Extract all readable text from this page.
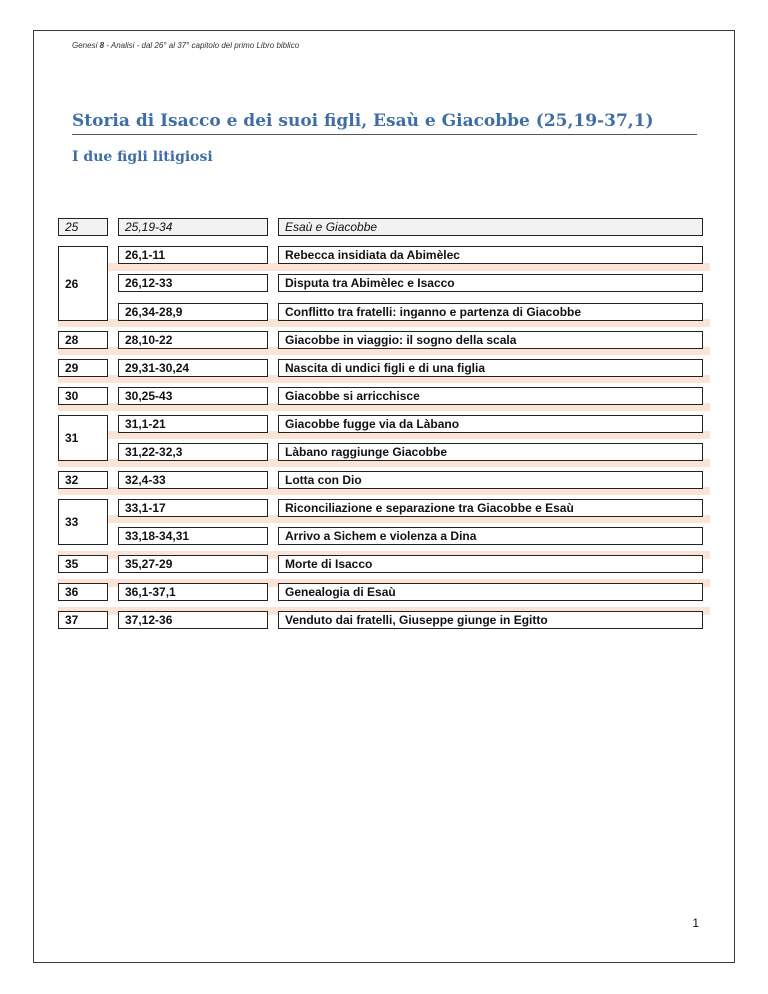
Genesi 8 - Analisi - dal 26° al 37° capitolo del primo Libro biblico
Storia di Isacco e dei suoi figli, Esaù e Giacobbe (25,19-37,1)
I due figli litigiosi
25
26
28
29
30
31
32
33
35
36
37
25,19-34
26,1-11
26,12-33
26,34-28,9
28,10-22
29,31-30,24
30,25-43
31,1-21
31,22-32,3
32,4-33
33,1-17
33,18-34,31
35,27-29
36,1-37,1
37,12-36
Esaù e Giacobbe
Rebecca insidiata da Abimèlec
Disputa tra Abimèlec e Isacco
Conflitto tra fratelli: inganno e partenza di Giacobbe
Giacobbe in viaggio: il sogno della scala
Nascita di undici figli e di una figlia
Giacobbe si arricchisce
Giacobbe fugge via da Làbano
Làbano raggiunge Giacobbe
Lotta con Dio
Riconciliazione e separazione tra Giacobbe e Esaù
Arrivo a Sichem e violenza a Dina
Morte di Isacco
Genealogia di Esaù
Venduto dai fratelli, Giuseppe giunge in Egitto
1
